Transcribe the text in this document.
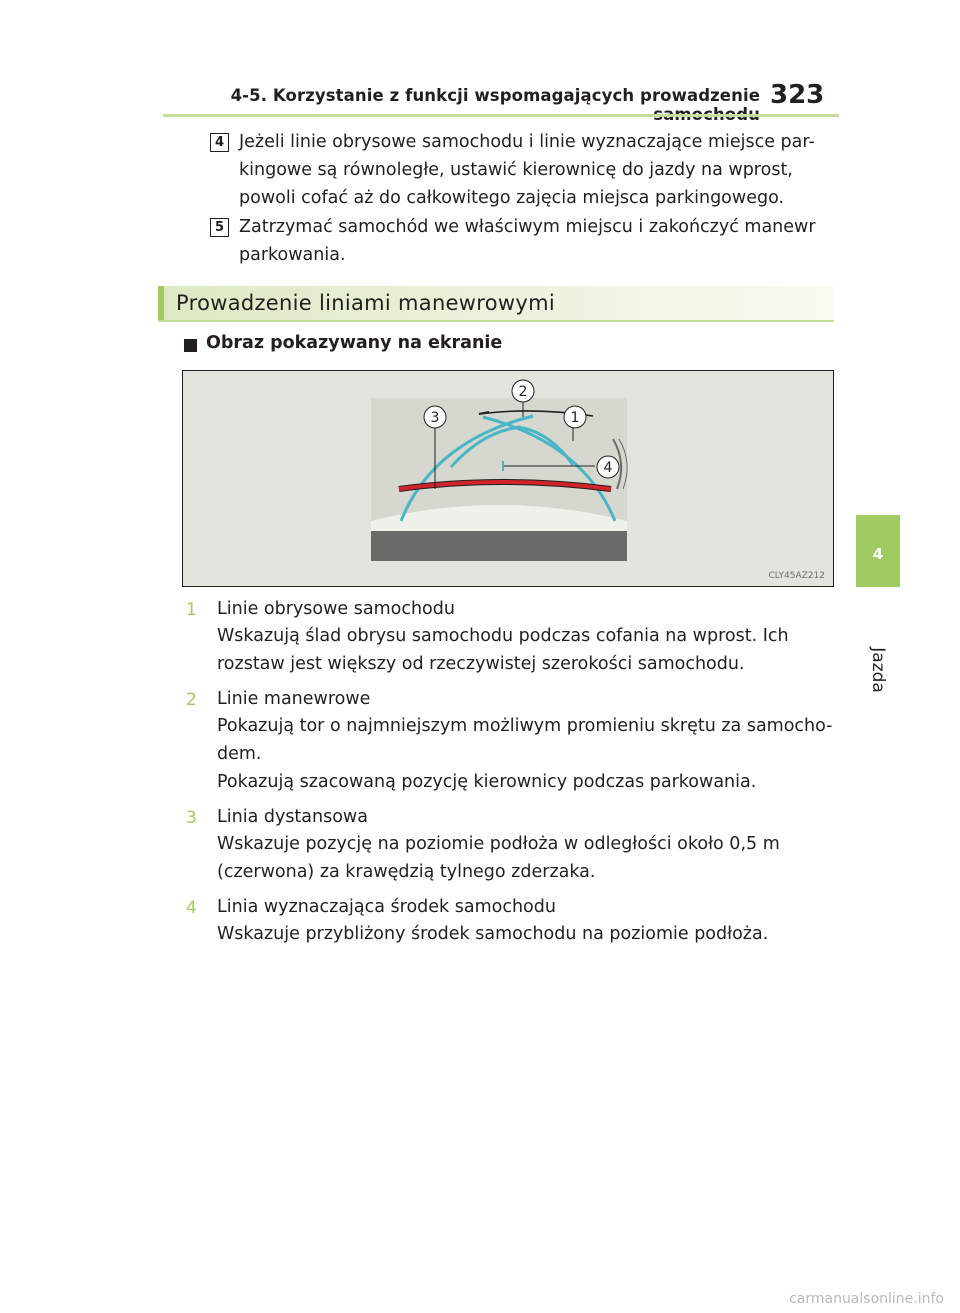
4-5. Korzystanie z funkcji wspomagających prowadzenie 323
4
Jazda
4 Jeżeli linie obrysowe samochodu i linie wyznaczające miejsce par-
kingowe są równoległe, ustawić kierownicę do jazdy na wprost,
powoli cofać aż do całkowitego zajęcia miejsca parkingowego.
5 Zatrzymać samochód we właściwym miejscu i zakończyć manewr
parkowania.
Prowadzenie liniami manewrowymi
Obraz pokazywany na ekranie
2
3	1
4
CLY45AZ212
1 Linie obrysowe samochodu
Wskazują ślad obrysu samochodu podczas cofania na wprost. Ich
rozstaw jest większy od rzeczywistej szerokości samochodu.
2 Linie manewrowe
Pokazują tor o najmniejszym możliwym promieniu skrętu za samocho-
dem.
Pokazują szacowaną pozycję kierownicy podczas parkowania.
3 Linia dystansowa
Wskazuje pozycję na poziomie podłoża w odległości około 0,5 m
(czerwona) za krawędzią tylnego zderzaka.
4 Linia wyznaczająca środek samochodu
Wskazuje przybliżony środek samochodu na poziomie podłoża.
carmanualsonline.info
